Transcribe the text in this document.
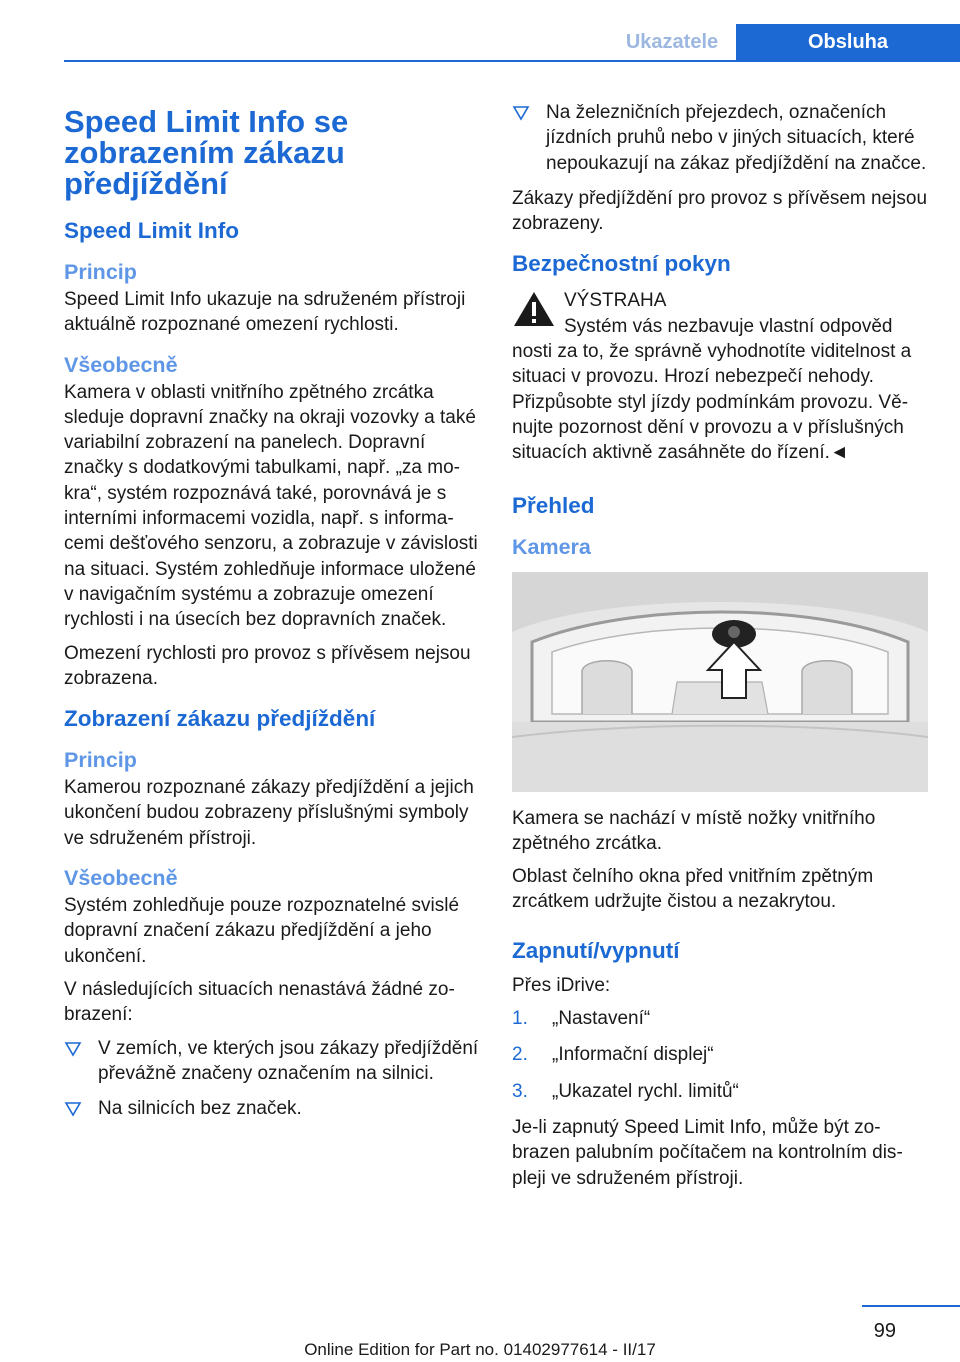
Ukazatele	Obsluha
Speed Limit Info se zobrazením zákazu předjíždění
Speed Limit Info
Princip

Speed Limit Info ukazuje na sdruženém přístroji aktuálně rozpoznané omezení rychlosti.

Všeobecně

Kamera v oblasti vnitřního zpětného zrcátka sleduje dopravní značky na okraji vozovky a také variabilní zobrazení na panelech. Dopravní značky s dodatkovými tabulkami, např. „za mokra“, systém rozpoznává také, porovnává je s interními informacemi vozidla, např. s informacemi dešťového senzoru, a zobrazuje v závislosti na situaci. Systém zohledňuje informace uložené v navigačním systému a zobrazuje omezení rychlosti i na úsecích bez dopravních značek.

Omezení rychlosti pro provoz s přívěsem nejsou zobrazena.

Zobrazení zákazu předjíždění
Princip

Kamerou rozpoznané zákazy předjíždění a jejich ukončení budou zobrazeny příslušnými symboly ve sdruženém přístroji.

Všeobecně

Systém zohledňuje pouze rozpoznatelné svislé dopravní značení zákazu předjíždění a jeho ukončení.

V následujících situacích nenastává žádné zobrazení:

V zemích, ve kterých jsou zákazy předjíždění převážně značeny označením na silnici.
Na silnicích bez značek.
Na železničních přejezdech, označeních jízdních pruhů nebo v jiných situacích, které nepoukazují na zákaz předjíždění na značce.

Zákazy předjíždění pro provoz s přívěsem nejsou zobrazeny.

Bezpečnostní pokyn
VÝSTRAHA
Systém vás nezbavuje vlastní odpověd
nosti za to, že správně vyhodnotíte viditelnost a situaci v provozu. Hrozí nebezpečí nehody. Přizpůsobte styl jízdy podmínkám provozu. Věnujte pozornost dění v provozu a v příslušných situacích aktivně zasáhněte do řízení.◄
Přehled
Kamera

Kamera se nachází v místě nožky vnitřního zpětného zrcátka.

Oblast čelního okna před vnitřním zpětným zrcátkem udržujte čistou a nezakrytou.

Zapnutí/vypnutí

Přes iDrive:

1. „Nastavení“
2. „Informační displej“
3. „Ukazatel rychl. limitů“

Je-li zapnutý Speed Limit Info, může být zobrazen palubním počítačem na kontrolním displeji ve sdruženém přístroji.

99
Online Edition for Part no. 01402977614 - II/17
